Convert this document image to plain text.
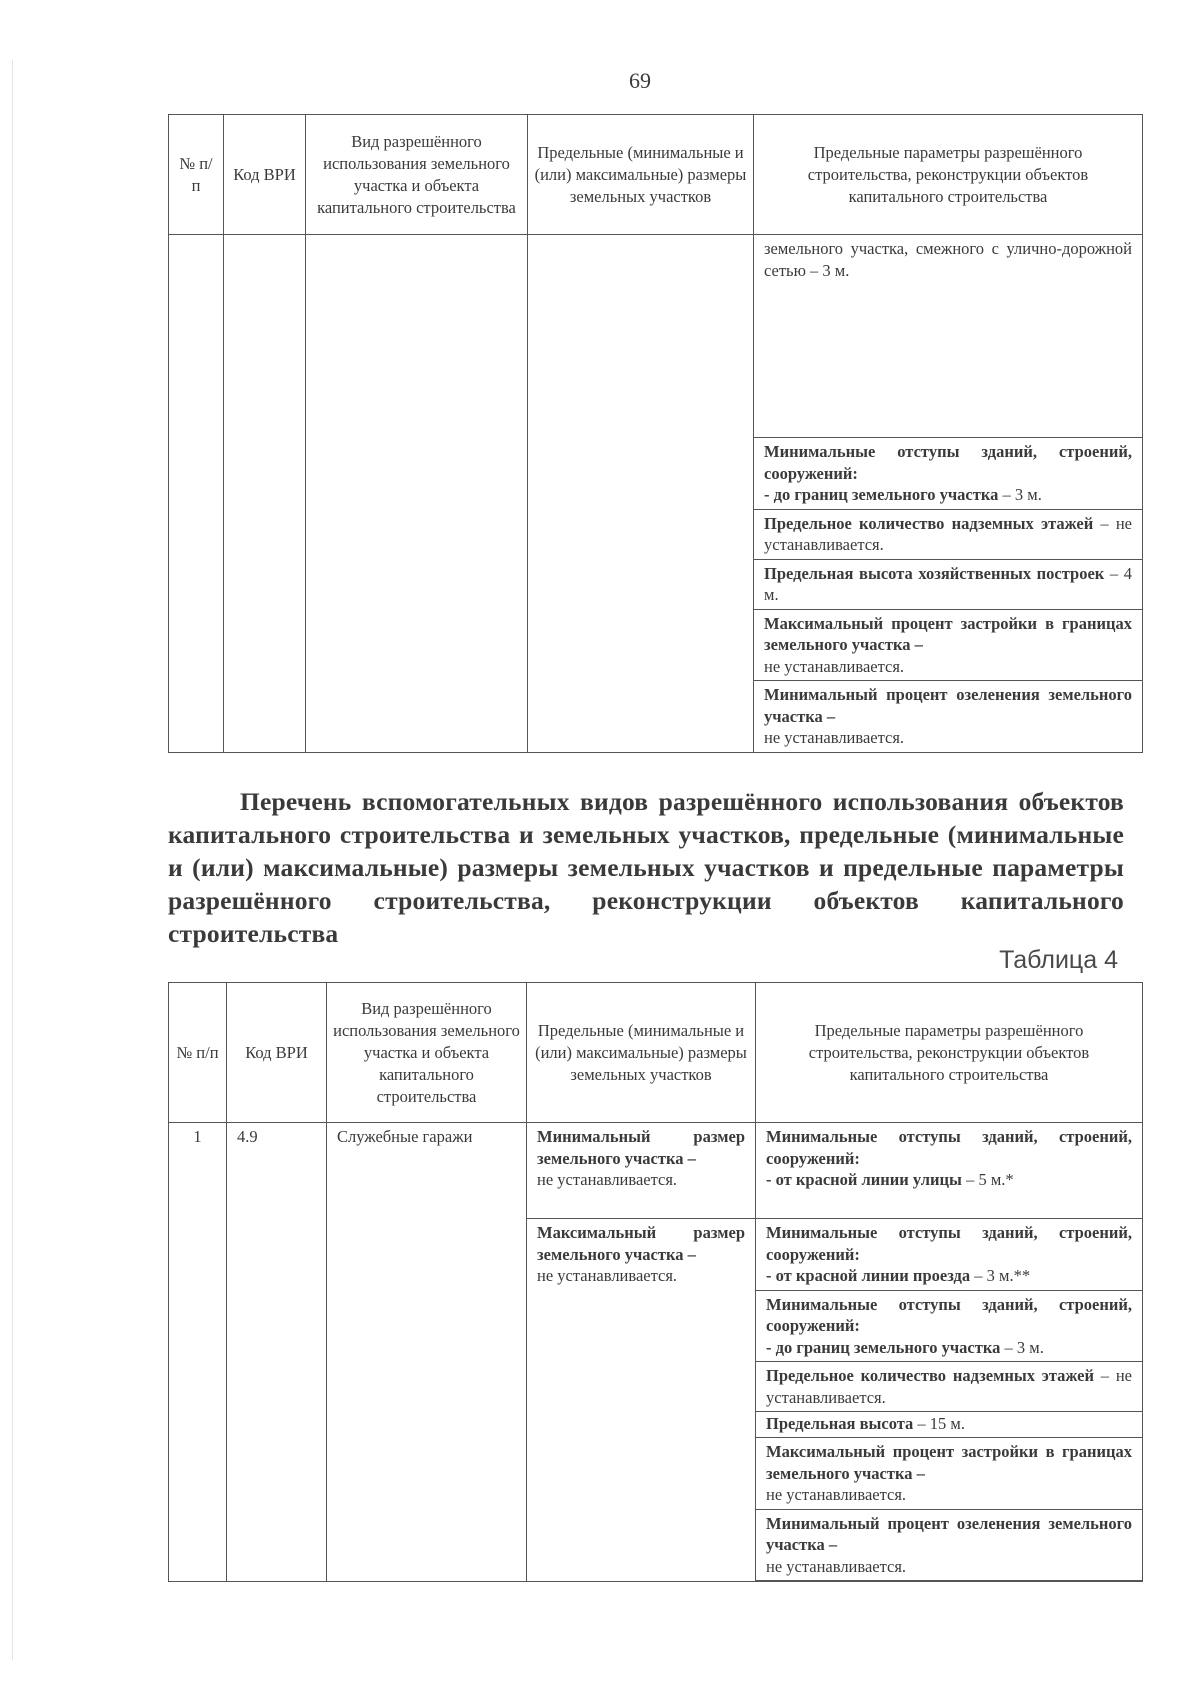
69
№ п/п	Код ВРИ	Вид разрешённого использования земельного участка и объекта капитального строительства	Предельные (минимальные и (или) максимальные) размеры земельных участков	Предельные параметры разрешённого строительства, реконструкции объектов капитального строительства

				земельного участка, смежного с улично-дорожной сетью – 3 м.

				Минимальные отступы зданий, строений, сооружений:
- до границ земельного участка – 3 м.

				Предельное количество надземных этажей – не устанавливается.

				Предельная высота хозяйственных построек – 4 м.

				Максимальный процент застройки в границах земельного участка –
не устанавливается.

				Минимальный процент озеленения земельного участка –
не устанавливается.
Перечень вспомогательных видов разрешённого использования объектов капитального строительства и земельных участков, предельные (минимальные и (или) максимальные) размеры земельных участков и предельные параметры разрешённого строительства, реконструкции объектов капитального строительства
Таблица 4
№ п/п	Код ВРИ	Вид разрешённого использования земельного участка и объекта капитального строительства	Предельные (минимальные и (или) максимальные) размеры земельных участков	Предельные параметры разрешённого строительства, реконструкции объектов капитального строительства

1	4.9	Служебные гаражи	Минимальный размер земельного участка –
не устанавливается.	Минимальные отступы зданий, строений, сооружений:
- от красной линии улицы – 5 м.*

			Максимальный размер земельного участка –
не устанавливается.	Минимальные отступы зданий, строений, сооружений:
- от красной линии проезда – 3 м.**

				Минимальные отступы зданий, строений, сооружений:
- до границ земельного участка – 3 м.

				Предельное количество надземных этажей – не устанавливается.

				Предельная высота – 15 м.

				Максимальный процент застройки в границах земельного участка –
не устанавливается.

				Минимальный процент озеленения земельного участка –
не устанавливается.
